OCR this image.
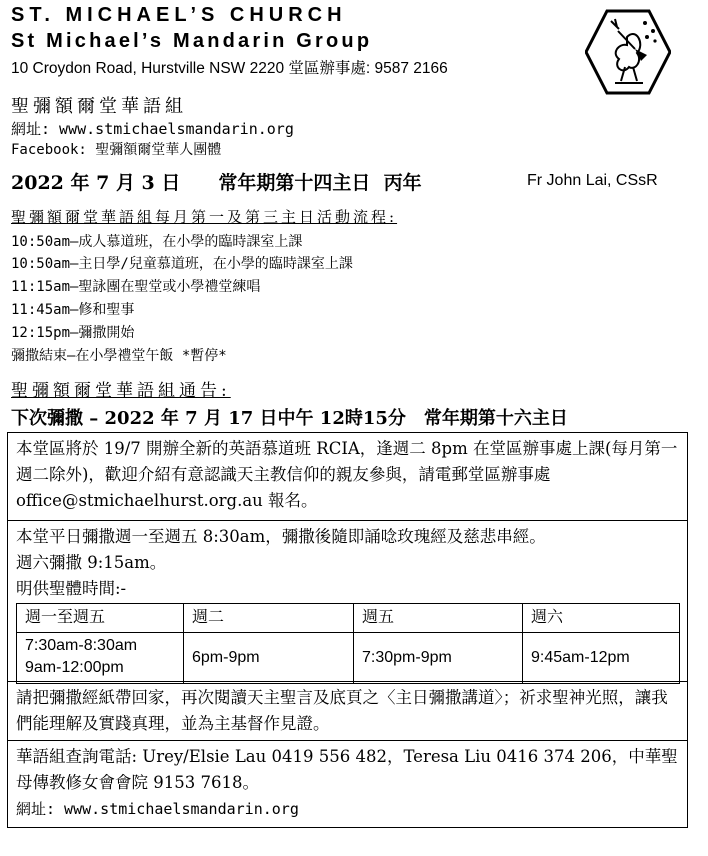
ST. MICHAEL’S CHURCH
St Michael’s Mandarin Group
10 Croydon Road, Hurstville NSW 2220 堂區辦事處: 9587 2166
聖彌額爾堂華語組
網址: www.stmichaelsmandarin.org
Facebook: 聖彌額爾堂華人團體
2022 年 7 月 3 日 常年期第十四主日 丙年	Fr John Lai, CSsR
聖彌額爾堂華語組每月第一及第三主日活動流程:
10:50am—成人慕道班，在小學的臨時課室上課
10:50am—主日學/兒童慕道班，在小學的臨時課室上課
11:15am—聖詠團在聖堂或小學禮堂練唱
11:45am—修和聖事
12:15pm—彌撒開始
彌撒結束—在小學禮堂午飯 *暫停*
聖彌額爾堂華語組通告:
下次彌撒 – 2022 年 7 月 17 日中午 12時15分　常年期第十六主日
本堂區將於 19/7 開辦全新的英語慕道班 RCIA，逢週二 8pm 在堂區辦事處上課(每月第一週二除外)，歡迎介紹有意認識天主教信仰的親友參與，請電郵堂區辦事處 office@stmichaelhurst.org.au 報名。
本堂平日彌撒週一至週五 8:30am，彌撒後隨即誦唸玫瑰經及慈悲串經。
週六彌撒 9:15am。
明供聖體時間:-
週一至週五	週二	週五	週六

7:30am-8:30am
9am-12:00pm	6pm-9pm	7:30pm-9pm	9:45am-12pm
請把彌撒經紙帶回家，再次閱讀天主聖言及底頁之〈主日彌撒講道〉；祈求聖神光照，讓我們能理解及實踐真理，並為主基督作見證。
華語組查詢電話: Urey/Elsie Lau 0419 556 482，Teresa Liu 0416 374 206，中華聖母傳教修女會會院 9153 7618。
網址: www.stmichaelsmandarin.org
